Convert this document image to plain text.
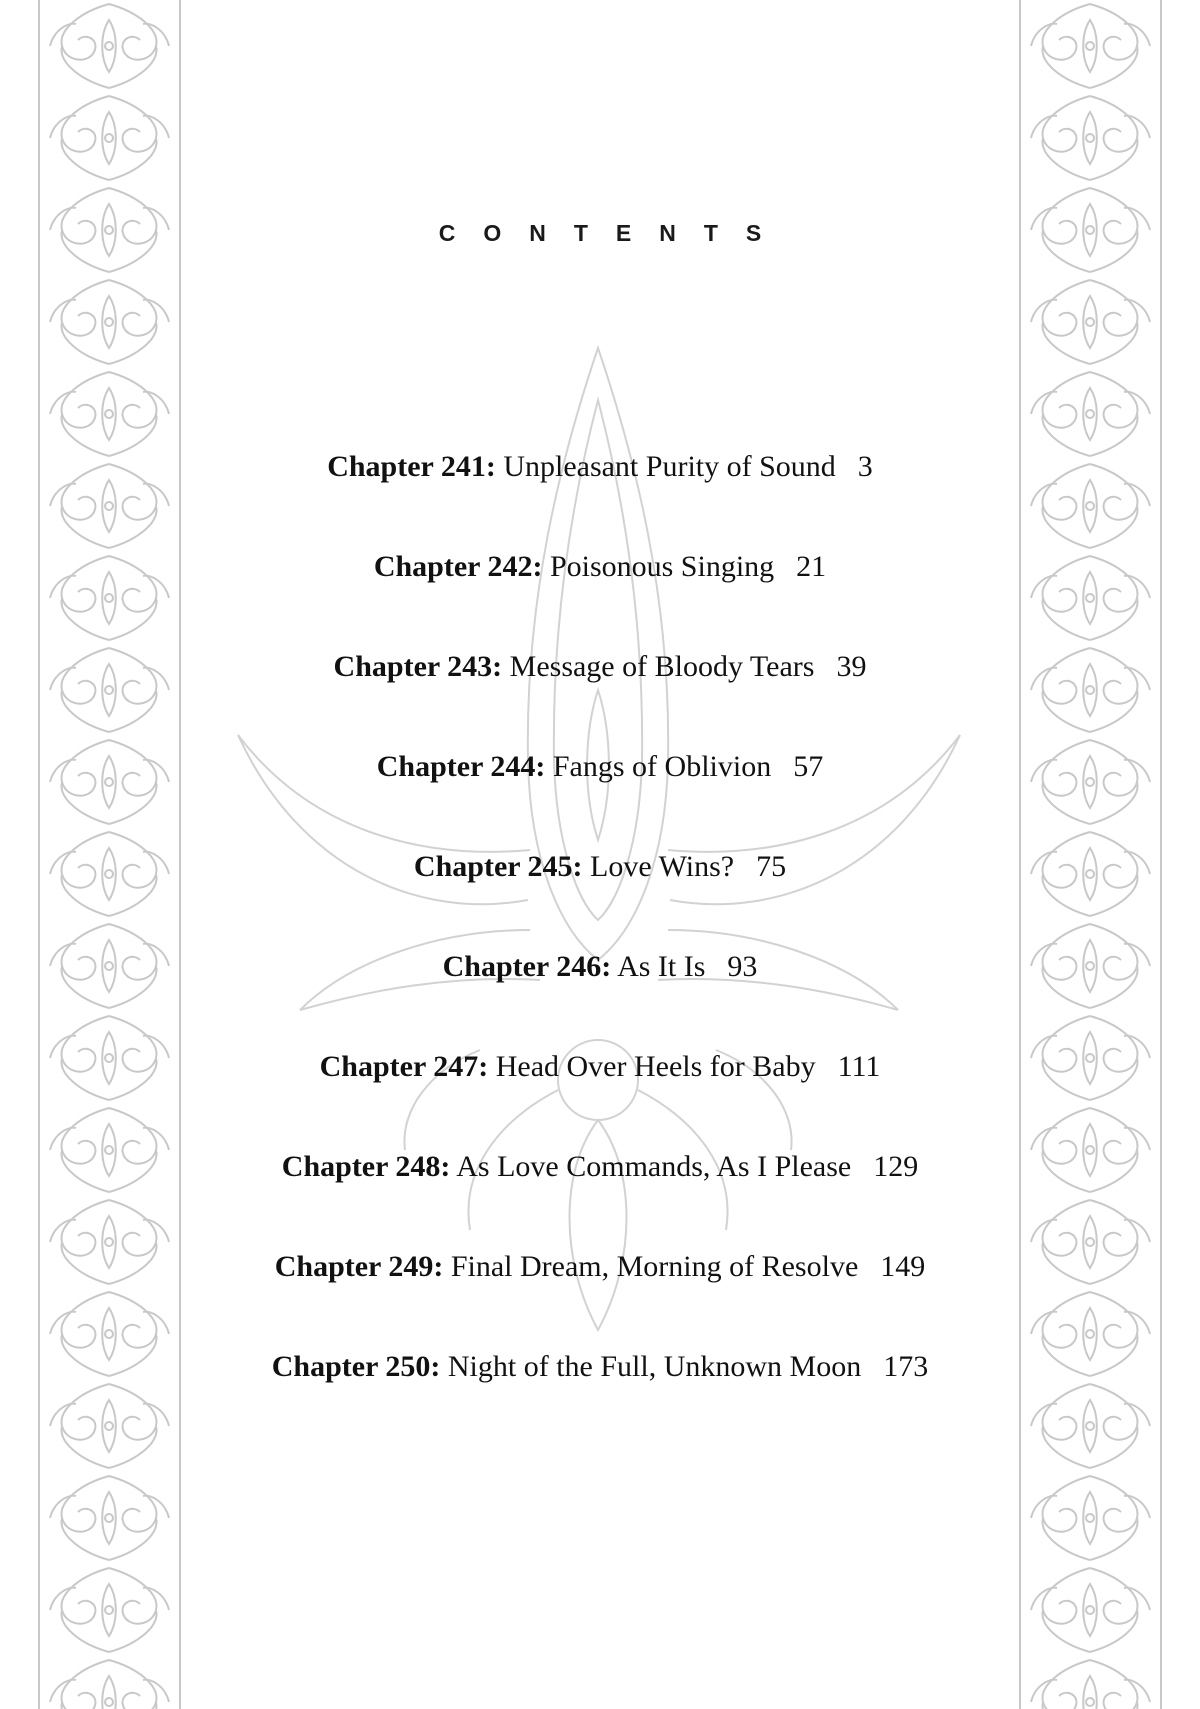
CONTENTS
Chapter 241: Unpleasant Purity of Sound 3
Chapter 242: Poisonous Singing 21
Chapter 243: Message of Bloody Tears 39
Chapter 244: Fangs of Oblivion 57
Chapter 245: Love Wins? 75
Chapter 246: As It Is 93
Chapter 247: Head Over Heels for Baby 111
Chapter 248: As Love Commands, As I Please 129
Chapter 249: Final Dream, Morning of Resolve 149
Chapter 250: Night of the Full, Unknown Moon 173
